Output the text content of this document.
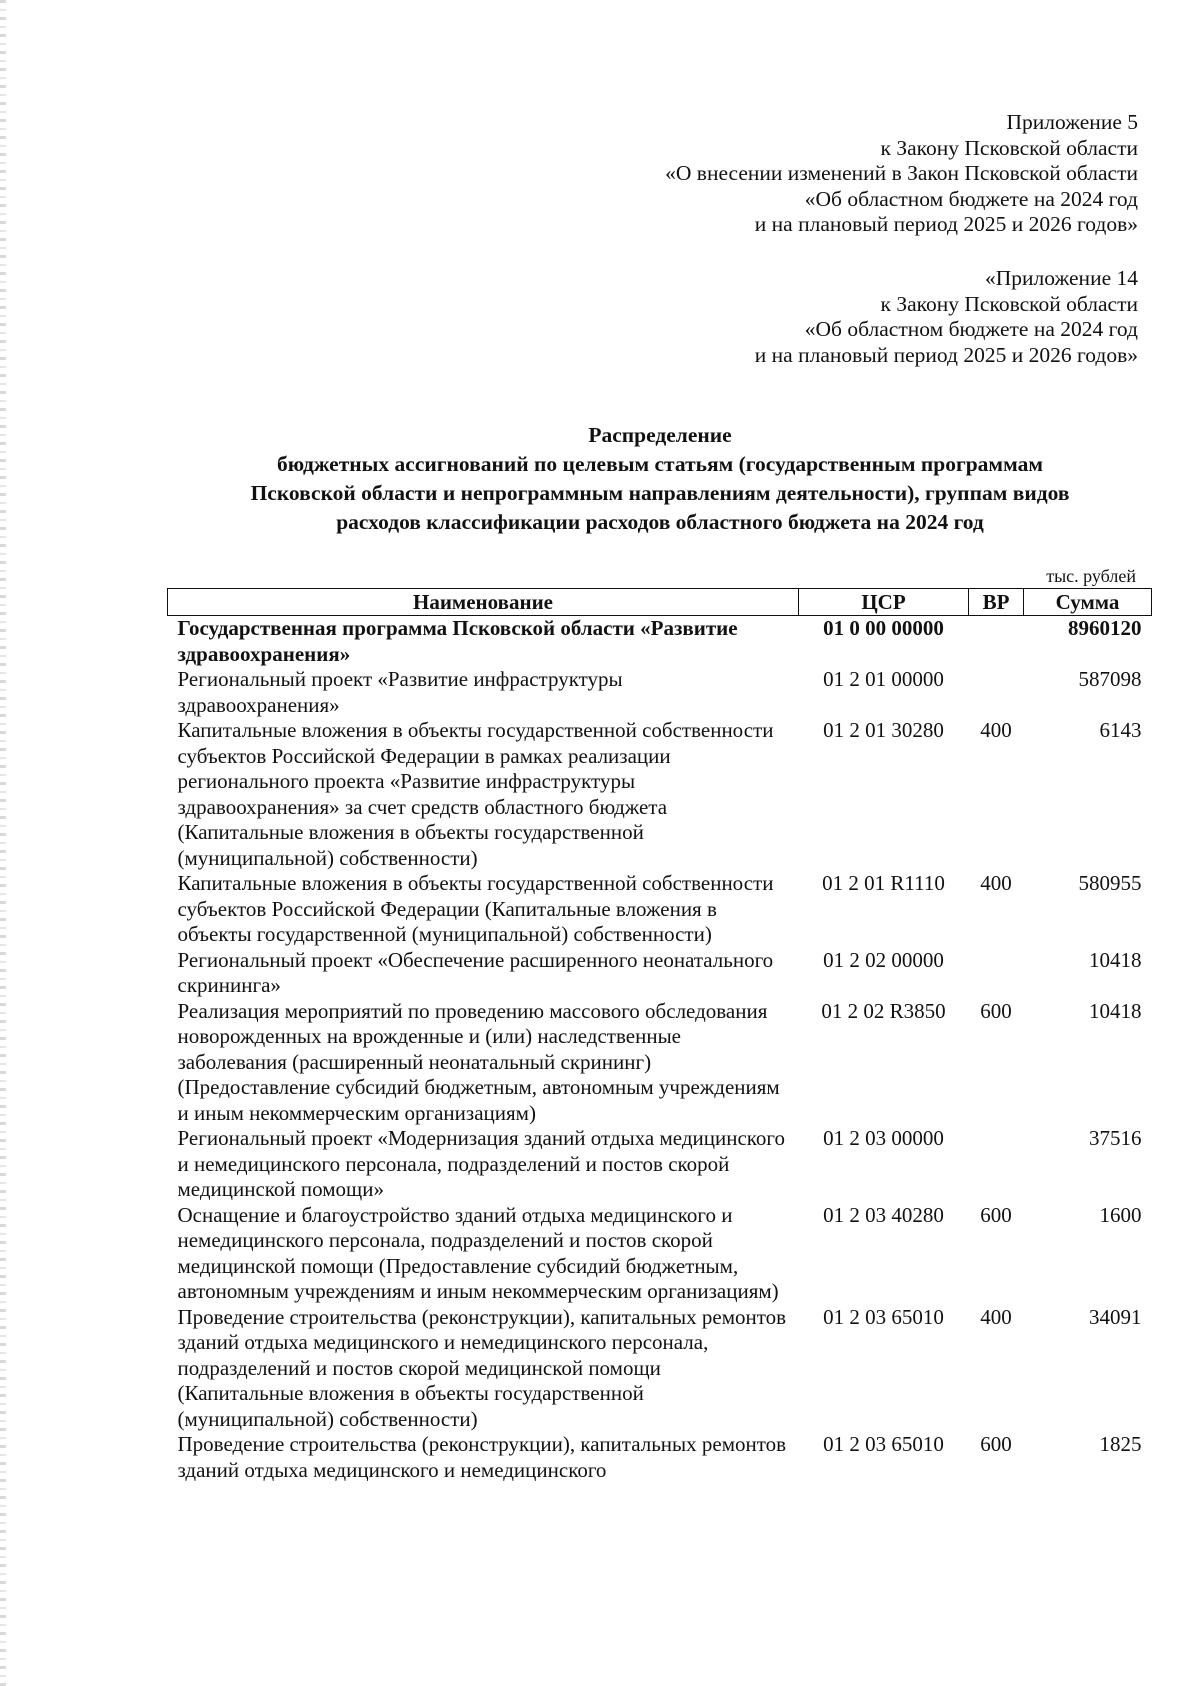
Приложение 5
к Закону Псковской области
«О внесении изменений в Закон Псковской области
«Об областном бюджете на 2024 год
и на плановый период 2025 и 2026 годов»
«Приложение 14
к Закону Псковской области
«Об областном бюджете на 2024 год
и на плановый период 2025 и 2026 годов»
Распределение
бюджетных ассигнований по целевым статьям (государственным программам
Псковской области и непрограммным направлениям деятельности), группам видов
расходов классификации расходов областного бюджета на 2024 год
тыс. рублей
Наименование	ЦСР	ВР	Сумма
Государственная программа Псковской области «Развитие здравоохранения»	01 0 00 00000		8960120
Региональный проект «Развитие инфраструктуры здравоохранения»	01 2 01 00000		587098
Капитальные вложения в объекты государственной собственности субъектов Российской Федерации в рамках реализации регионального проекта «Развитие инфраструктуры здравоохранения» за счет средств областного бюджета (Капитальные вложения в объекты государственной (муниципальной) собственности)	01 2 01 30280	400	6143
Капитальные вложения в объекты государственной собственности субъектов Российской Федерации (Капитальные вложения в объекты государственной (муниципальной) собственности)	01 2 01 R1110	400	580955
Региональный проект «Обеспечение расширенного неонатального скрининга»	01 2 02 00000		10418
Реализация мероприятий по проведению массового обследования новорожденных на врожденные и (или) наследственные заболевания (расширенный неонатальный скрининг) (Предоставление субсидий бюджетным, автономным учреждениям и иным некоммерческим организациям)	01 2 02 R3850	600	10418
Региональный проект «Модернизация зданий отдыха медицинского и немедицинского персонала, подразделений и постов скорой медицинской помощи»	01 2 03 00000		37516
Оснащение и благоустройство зданий отдыха медицинского и немедицинского персонала, подразделений и постов скорой медицинской помощи (Предоставление субсидий бюджетным, автономным учреждениям и иным некоммерческим организациям)	01 2 03 40280	600	1600
Проведение строительства (реконструкции), капитальных ремонтов зданий отдыха медицинского и немедицинского персонала, подразделений и постов скорой медицинской помощи (Капитальные вложения в объекты государственной (муниципальной) собственности)	01 2 03 65010	400	34091
Проведение строительства (реконструкции), капитальных ремонтов зданий отдыха медицинского и немедицинского	01 2 03 65010	600	1825
